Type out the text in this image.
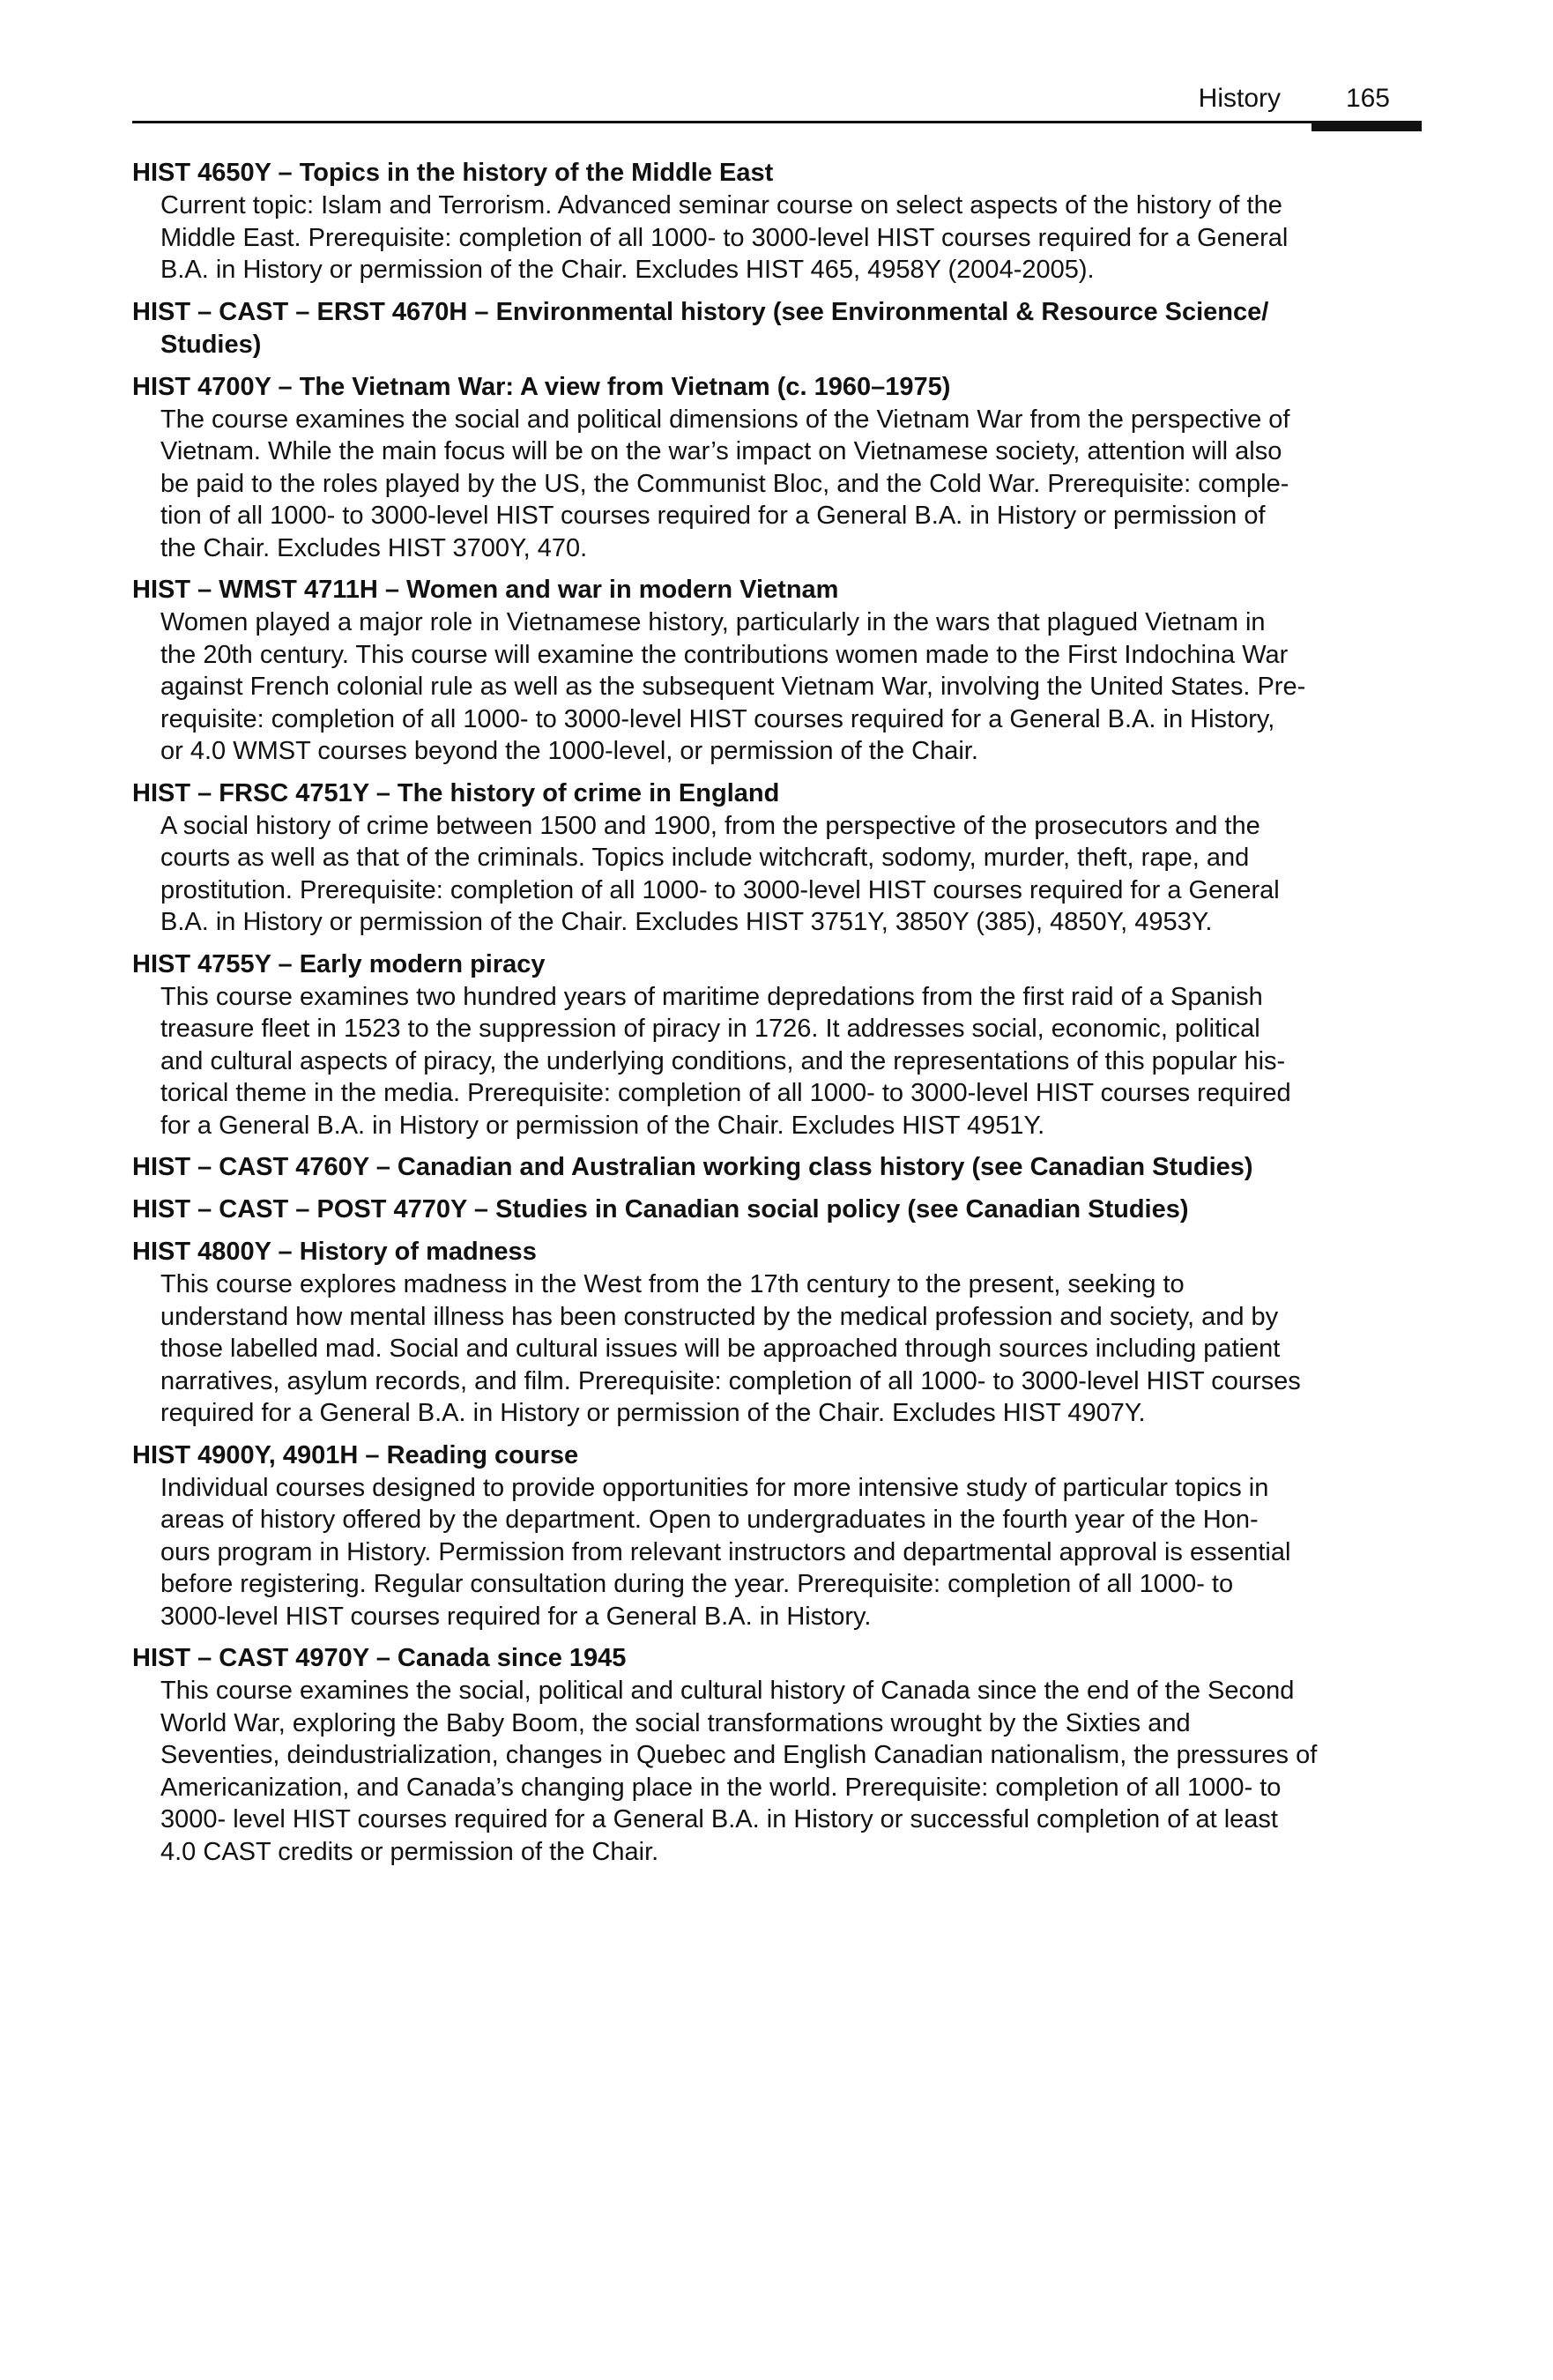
History 165
HIST 4650Y – Topics in the history of the Middle East
Current topic: Islam and Terrorism. Advanced seminar course on select aspects of the history of the
Middle East. Prerequisite: completion of all 1000- to 3000-level HIST courses required for a General
B.A. in History or permission of the Chair. Excludes HIST 465, 4958Y (2004-2005).
HIST – CAST – ERST 4670H – Environmental history (see Environmental & Resource Science/
Studies)
HIST 4700Y – The Vietnam War: A view from Vietnam (c. 1960–1975)
The course examines the social and political dimensions of the Vietnam War from the perspective of
Vietnam. While the main focus will be on the war’s impact on Vietnamese society, attention will also
be paid to the roles played by the US, the Communist Bloc, and the Cold War. Prerequisite: comple-
tion of all 1000- to 3000-level HIST courses required for a General B.A. in History or permission of
the Chair. Excludes HIST 3700Y, 470.
HIST – WMST 4711H – Women and war in modern Vietnam
Women played a major role in Vietnamese history, particularly in the wars that plagued Vietnam in
the 20th century. This course will examine the contributions women made to the First Indochina War
against French colonial rule as well as the subsequent Vietnam War, involving the United States. Pre-
requisite: completion of all 1000- to 3000-level HIST courses required for a General B.A. in History,
or 4.0 WMST courses beyond the 1000-level, or permission of the Chair.
HIST – FRSC 4751Y – The history of crime in England
A social history of crime between 1500 and 1900, from the perspective of the prosecutors and the
courts as well as that of the criminals. Topics include witchcraft, sodomy, murder, theft, rape, and
prostitution. Prerequisite: completion of all 1000- to 3000-level HIST courses required for a General
B.A. in History or permission of the Chair. Excludes HIST 3751Y, 3850Y (385), 4850Y, 4953Y.
HIST 4755Y – Early modern piracy
This course examines two hundred years of maritime depredations from the first raid of a Spanish
treasure fleet in 1523 to the suppression of piracy in 1726. It addresses social, economic, political
and cultural aspects of piracy, the underlying conditions, and the representations of this popular his-
torical theme in the media. Prerequisite: completion of all 1000- to 3000-level HIST courses required
for a General B.A. in History or permission of the Chair. Excludes HIST 4951Y.
HIST – CAST 4760Y – Canadian and Australian working class history (see Canadian Studies)
HIST – CAST – POST 4770Y – Studies in Canadian social policy (see Canadian Studies)
HIST 4800Y – History of madness
This course explores madness in the West from the 17th century to the present, seeking to
understand how mental illness has been constructed by the medical profession and society, and by
those labelled mad. Social and cultural issues will be approached through sources including patient
narratives, asylum records, and film. Prerequisite: completion of all 1000- to 3000-level HIST courses
required for a General B.A. in History or permission of the Chair. Excludes HIST 4907Y.
HIST 4900Y, 4901H – Reading course
Individual courses designed to provide opportunities for more intensive study of particular topics in
areas of history offered by the department. Open to undergraduates in the fourth year of the Hon-
ours program in History. Permission from relevant instructors and departmental approval is essential
before registering. Regular consultation during the year. Prerequisite: completion of all 1000- to
3000-level HIST courses required for a General B.A. in History.
HIST – CAST 4970Y – Canada since 1945
This course examines the social, political and cultural history of Canada since the end of the Second
World War, exploring the Baby Boom, the social transformations wrought by the Sixties and
Seventies, deindustrialization, changes in Quebec and English Canadian nationalism, the pressures of
Americanization, and Canada’s changing place in the world. Prerequisite: completion of all 1000- to
3000- level HIST courses required for a General B.A. in History or successful completion of at least
4.0 CAST credits or permission of the Chair.
